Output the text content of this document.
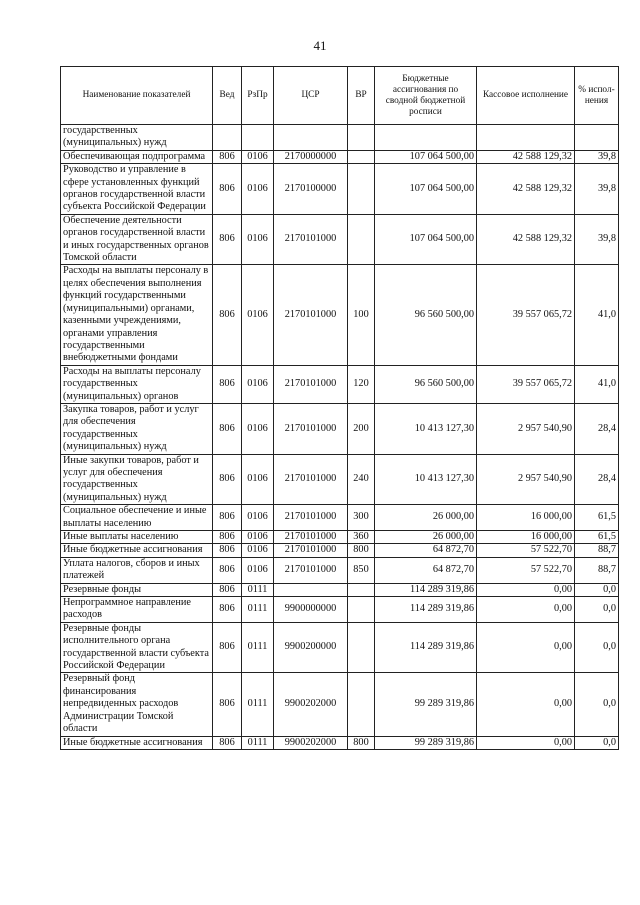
41
Наименование показателей	Вед	РзПр	ЦСР	ВР	Бюджетные ассигнования по сводной бюджетной росписи	Кассовое исполнение	% испол-нения
государственных (муниципальных) нужд							
Обеспечивающая подпрограмма	806	0106	2170000000		107 064 500,00	42 588 129,32	39,8
Руководство и управление в сфере установленных функций органов государственной власти субъекта Российской Федерации	806	0106	2170100000		107 064 500,00	42 588 129,32	39,8
Обеспечение деятельности органов государственной власти и иных государственных органов Томской области	806	0106	2170101000		107 064 500,00	42 588 129,32	39,8
Расходы на выплаты персоналу в целях обеспечения выполнения функций государственными (муниципальными) органами, казенными учреждениями, органами управления государственными внебюджетными фондами	806	0106	2170101000	100	96 560 500,00	39 557 065,72	41,0
Расходы на выплаты персоналу государственных (муниципальных) органов	806	0106	2170101000	120	96 560 500,00	39 557 065,72	41,0
Закупка товаров, работ и услуг для обеспечения государственных (муниципальных) нужд	806	0106	2170101000	200	10 413 127,30	2 957 540,90	28,4
Иные закупки товаров, работ и услуг для обеспечения государственных (муниципальных) нужд	806	0106	2170101000	240	10 413 127,30	2 957 540,90	28,4
Социальное обеспечение и иные выплаты населению	806	0106	2170101000	300	26 000,00	16 000,00	61,5
Иные выплаты населению	806	0106	2170101000	360	26 000,00	16 000,00	61,5
Иные бюджетные ассигнования	806	0106	2170101000	800	64 872,70	57 522,70	88,7
Уплата налогов, сборов и иных платежей	806	0106	2170101000	850	64 872,70	57 522,70	88,7
Резервные фонды	806	0111			114 289 319,86	0,00	0,0
Непрограммное направление расходов	806	0111	9900000000		114 289 319,86	0,00	0,0
Резервные фонды исполнительного органа государственной власти субъекта Российской Федерации	806	0111	9900200000		114 289 319,86	0,00	0,0
Резервный фонд финансирования непредвиденных расходов Администрации Томской области	806	0111	9900202000		99 289 319,86	0,00	0,0
Иные бюджетные ассигнования	806	0111	9900202000	800	99 289 319,86	0,00	0,0
